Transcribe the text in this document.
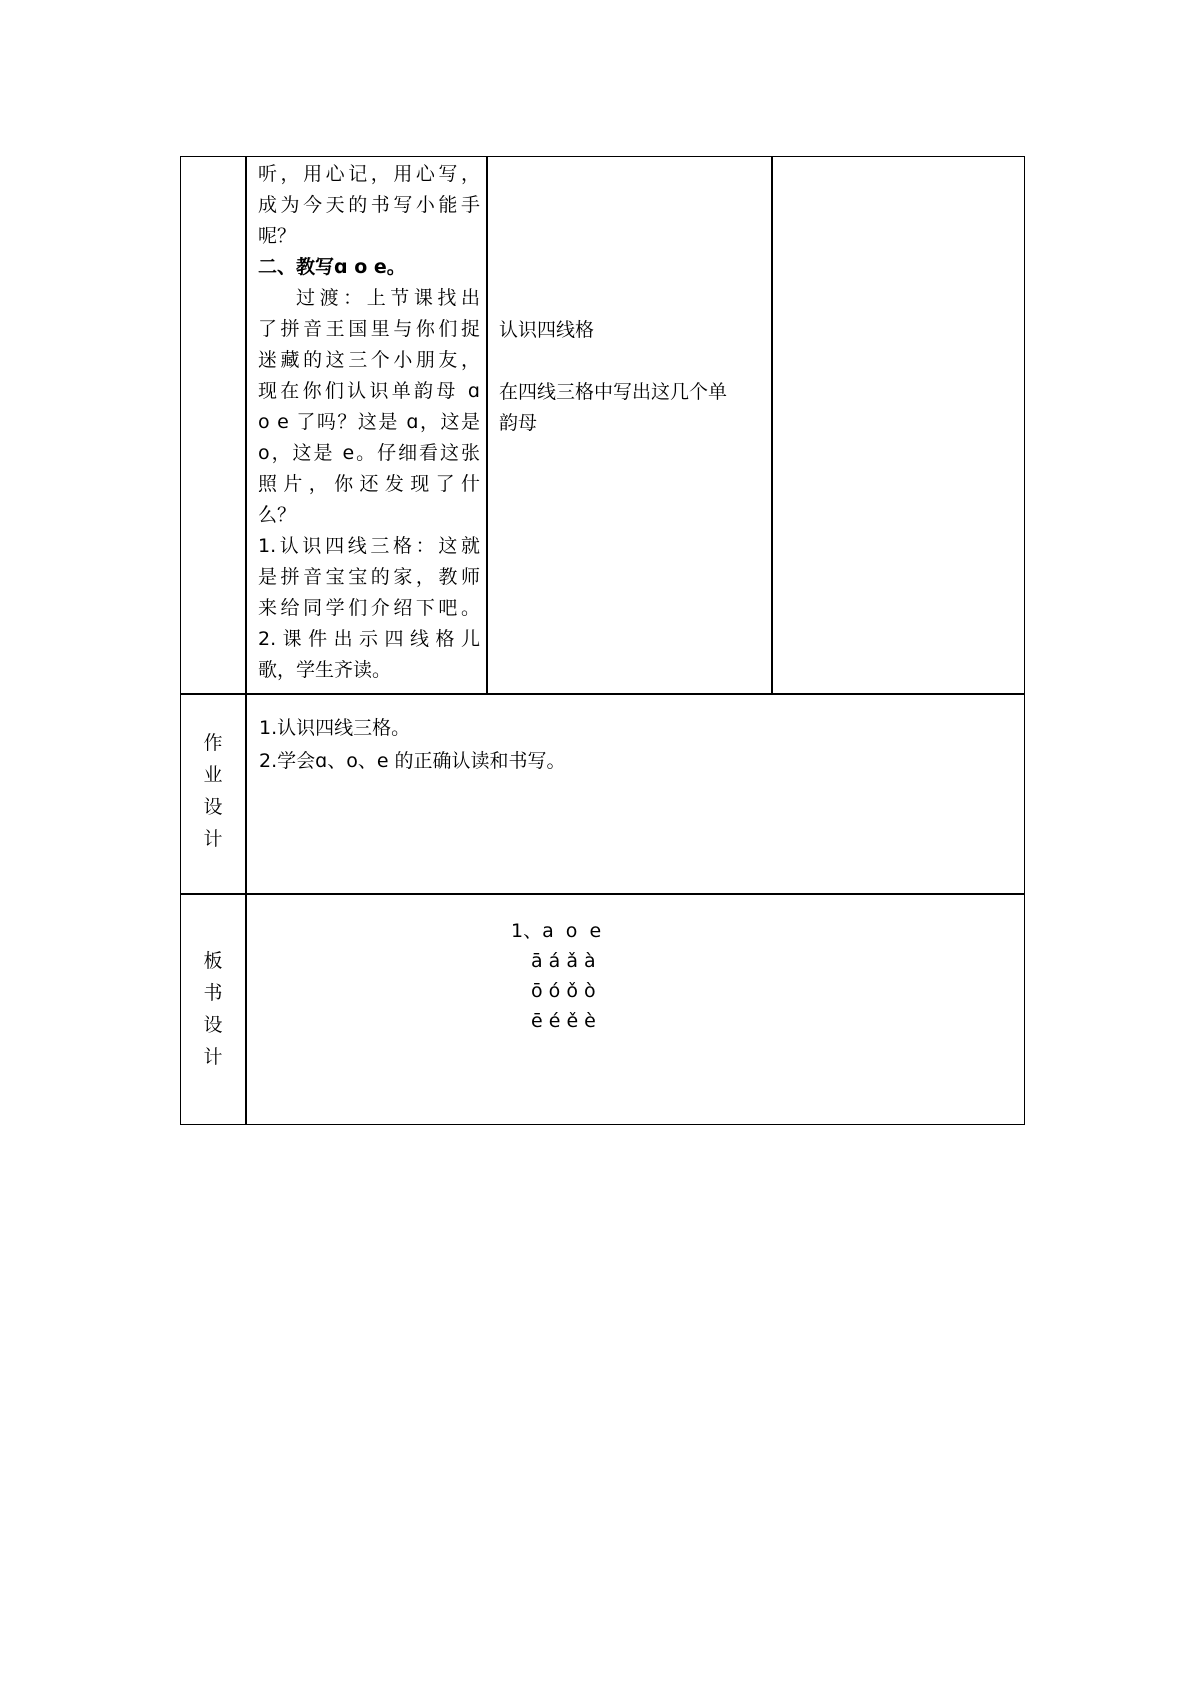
听，用心记，用心写，
成为今天的书写小能手
呢？
二、教写ɑ o e。
过渡：上节课找出
了拼音王国里与你们捉
迷藏的这三个小朋友，
现在你们认识单韵母 ɑ
o e 了吗？这是 ɑ，这是
o，这是 e。仔细看这张
照片，你还发现了什
么？
1.认识四线三格：这就
是拼音宝宝的家，教师
来给同学们介绍下吧。
2.课件出示四线格儿
歌，学生齐读。
认识四线格
在四线三格中写出这几个单
韵母
作
业
设
计
1.认识四线三格。
2.学会ɑ、o、e 的正确认读和书写。
板
书
设
计
1、a  o  e
ā á ǎ à
ō ó ǒ ò
ē é ě è
